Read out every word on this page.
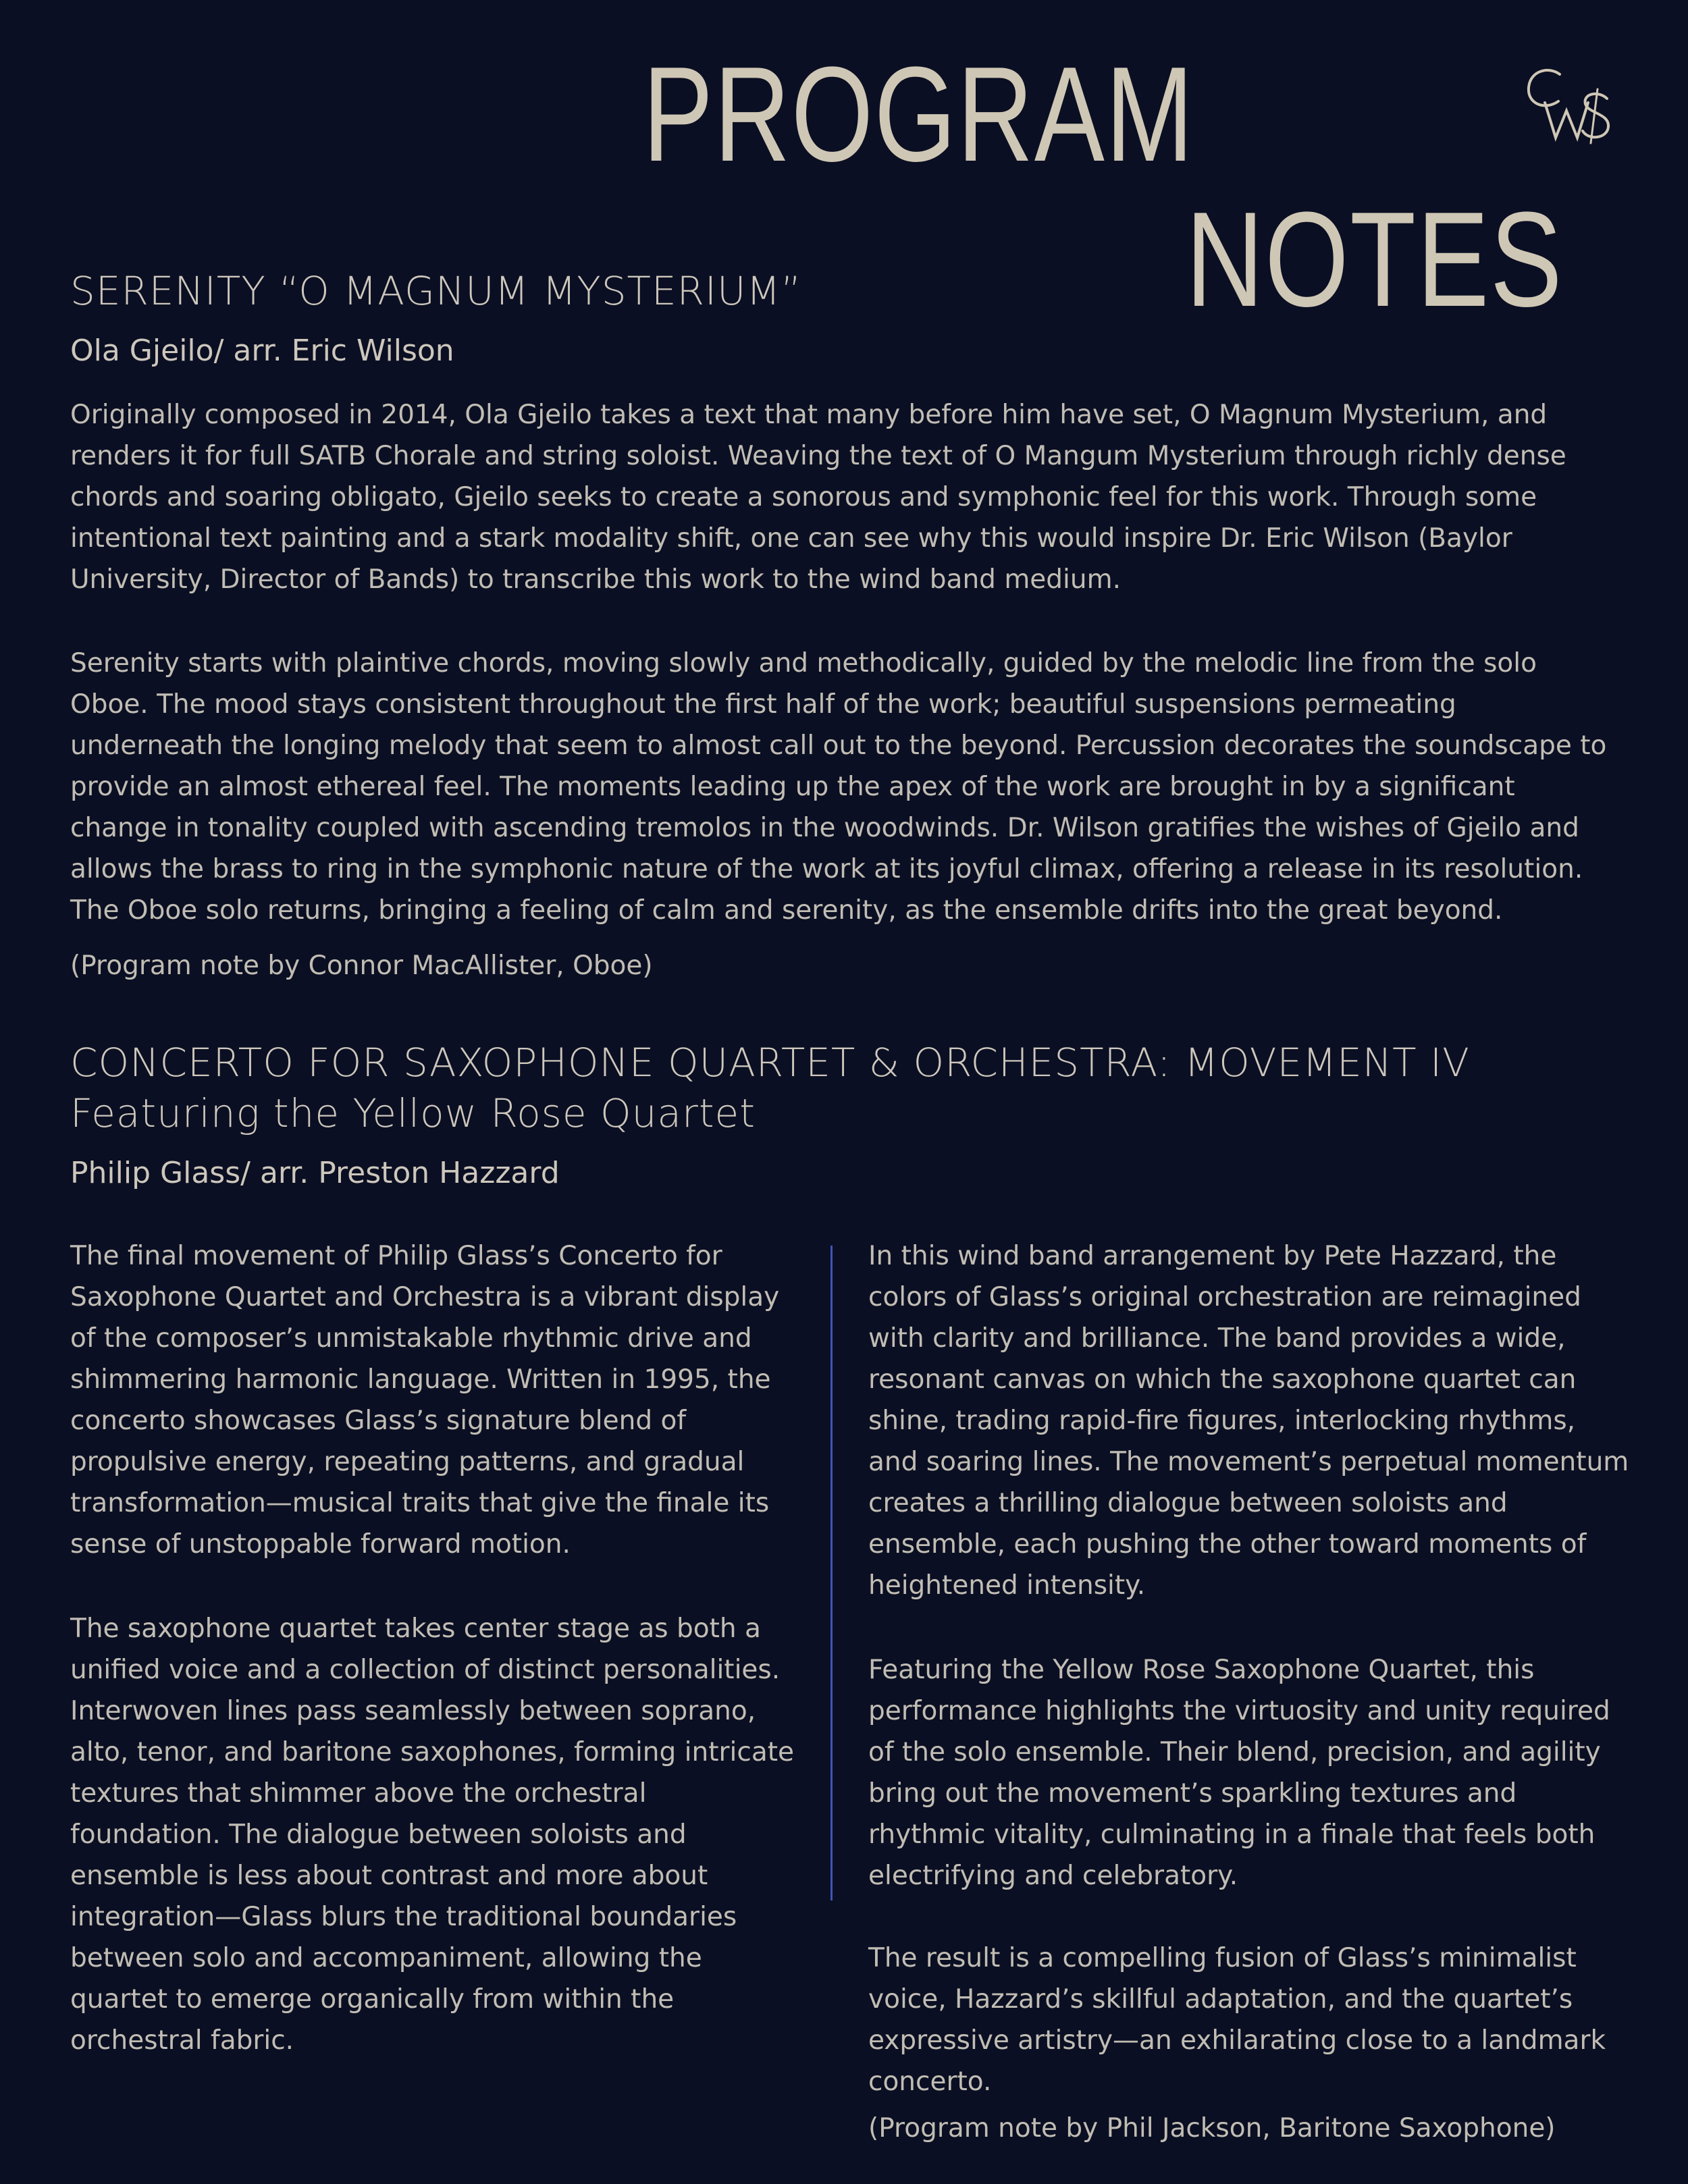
PROGRAM
NOTES
SERENITY “O MAGNUM MYSTERIUM”
Ola Gjeilo/ arr. Eric Wilson
Originally composed in 2014, Ola Gjeilo takes a text that many before him have set, O Magnum Mysterium, and renders it for full SATB Chorale and string soloist. Weaving the text of O Mangum Mysterium through richly dense chords and soaring obligato, Gjeilo seeks to create a sonorous and symphonic feel for this work. Through some intentional text painting and a stark modality shift, one can see why this would inspire Dr. Eric Wilson (Baylor University, Director of Bands) to transcribe this work to the wind band medium.
Serenity starts with plaintive chords, moving slowly and methodically, guided by the melodic line from the solo Oboe. The mood stays consistent throughout the first half of the work; beautiful suspensions permeating underneath the longing melody that seem to almost call out to the beyond. Percussion decorates the soundscape to provide an almost ethereal feel. The moments leading up the apex of the work are brought in by a significant change in tonality coupled with ascending tremolos in the woodwinds. Dr. Wilson gratifies the wishes of Gjeilo and allows the brass to ring in the symphonic nature of the work at its joyful climax, offering a release in its resolution. The Oboe solo returns, bringing a feeling of calm and serenity, as the ensemble drifts into the great beyond.
(Program note by Connor MacAllister, Oboe)
CONCERTO FOR SAXOPHONE QUARTET & ORCHESTRA: MOVEMENT IV
Featuring the Yellow Rose Quartet
Philip Glass/ arr. Preston Hazzard
The final movement of Philip Glass’s Concerto for Saxophone Quartet and Orchestra is a vibrant display of the composer’s unmistakable rhythmic drive and shimmering harmonic language. Written in 1995, the concerto showcases Glass’s signature blend of propulsive energy, repeating patterns, and gradual transformation—musical traits that give the finale its sense of unstoppable forward motion.
The saxophone quartet takes center stage as both a unified voice and a collection of distinct personalities. Interwoven lines pass seamlessly between soprano, alto, tenor, and baritone saxophones, forming intricate textures that shimmer above the orchestral foundation. The dialogue between soloists and ensemble is less about contrast and more about integration—Glass blurs the traditional boundaries between solo and accompaniment, allowing the quartet to emerge organically from within the orchestral fabric.
In this wind band arrangement by Pete Hazzard, the colors of Glass’s original orchestration are reimagined with clarity and brilliance. The band provides a wide, resonant canvas on which the saxophone quartet can shine, trading rapid-fire figures, interlocking rhythms, and soaring lines. The movement’s perpetual momentum creates a thrilling dialogue between soloists and ensemble, each pushing the other toward moments of heightened intensity.
Featuring the Yellow Rose Saxophone Quartet, this performance highlights the virtuosity and unity required of the solo ensemble. Their blend, precision, and agility bring out the movement’s sparkling textures and rhythmic vitality, culminating in a finale that feels both electrifying and celebratory.
The result is a compelling fusion of Glass’s minimalist voice, Hazzard’s skillful adaptation, and the quartet’s expressive artistry—an exhilarating close to a landmark concerto.
(Program note by Phil Jackson, Baritone Saxophone)
